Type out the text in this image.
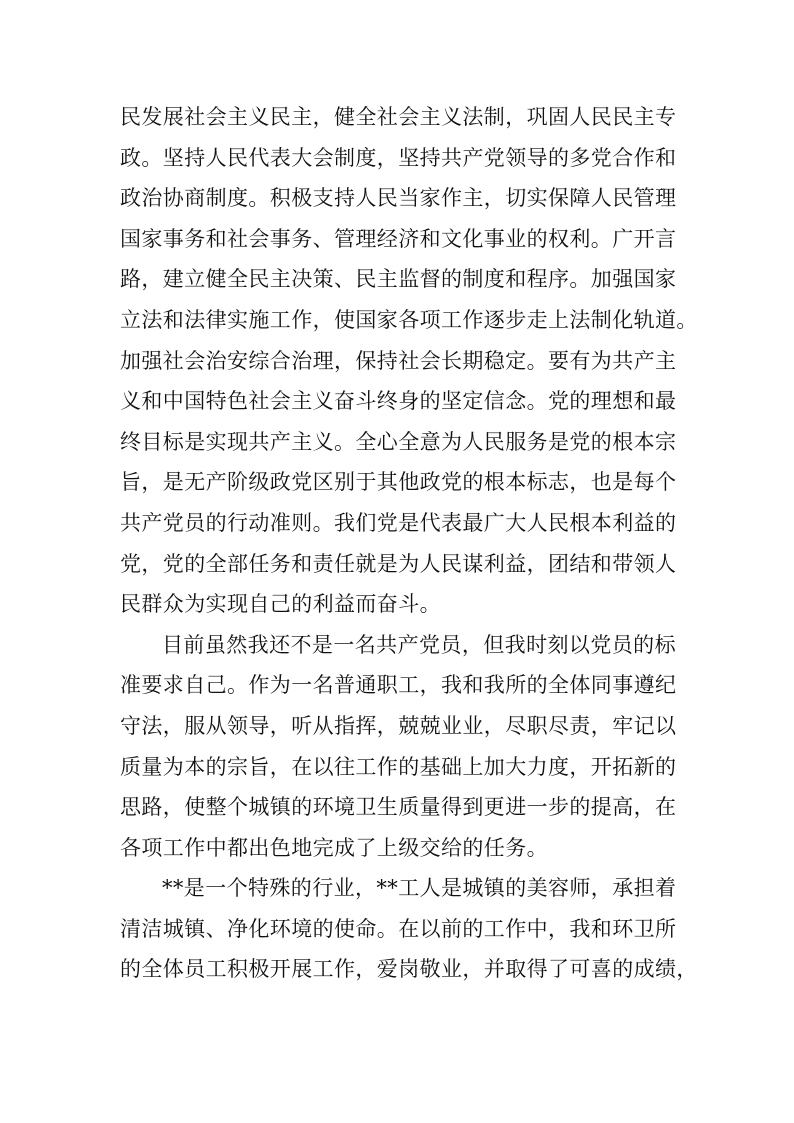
民发展社会主义民主，健全社会主义法制，巩固人民民主专
政。坚持人民代表大会制度，坚持共产党领导的多党合作和
政治协商制度。积极支持人民当家作主，切实保障人民管理
国家事务和社会事务、管理经济和文化事业的权利。广开言
路，建立健全民主决策、民主监督的制度和程序。加强国家
立法和法律实施工作，使国家各项工作逐步走上法制化轨道。
加强社会治安综合治理，保持社会长期稳定。要有为共产主
义和中国特色社会主义奋斗终身的坚定信念。党的理想和最
终目标是实现共产主义。全心全意为人民服务是党的根本宗
旨，是无产阶级政党区别于其他政党的根本标志，也是每个
共产党员的行动准则。我们党是代表最广大人民根本利益的
党，党的全部任务和责任就是为人民谋利益，团结和带领人
民群众为实现自己的利益而奋斗。
目前虽然我还不是一名共产党员，但我时刻以党员的标
准要求自己。作为一名普通职工，我和我所的全体同事遵纪
守法，服从领导，听从指挥，兢兢业业，尽职尽责，牢记以
质量为本的宗旨，在以往工作的基础上加大力度，开拓新的
思路，使整个城镇的环境卫生质量得到更进一步的提高，在
各项工作中都出色地完成了上级交给的任务。
**是一个特殊的行业，**工人是城镇的美容师，承担着
清洁城镇、净化环境的使命。在以前的工作中，我和环卫所
的全体员工积极开展工作，爱岗敬业，并取得了可喜的成绩，
